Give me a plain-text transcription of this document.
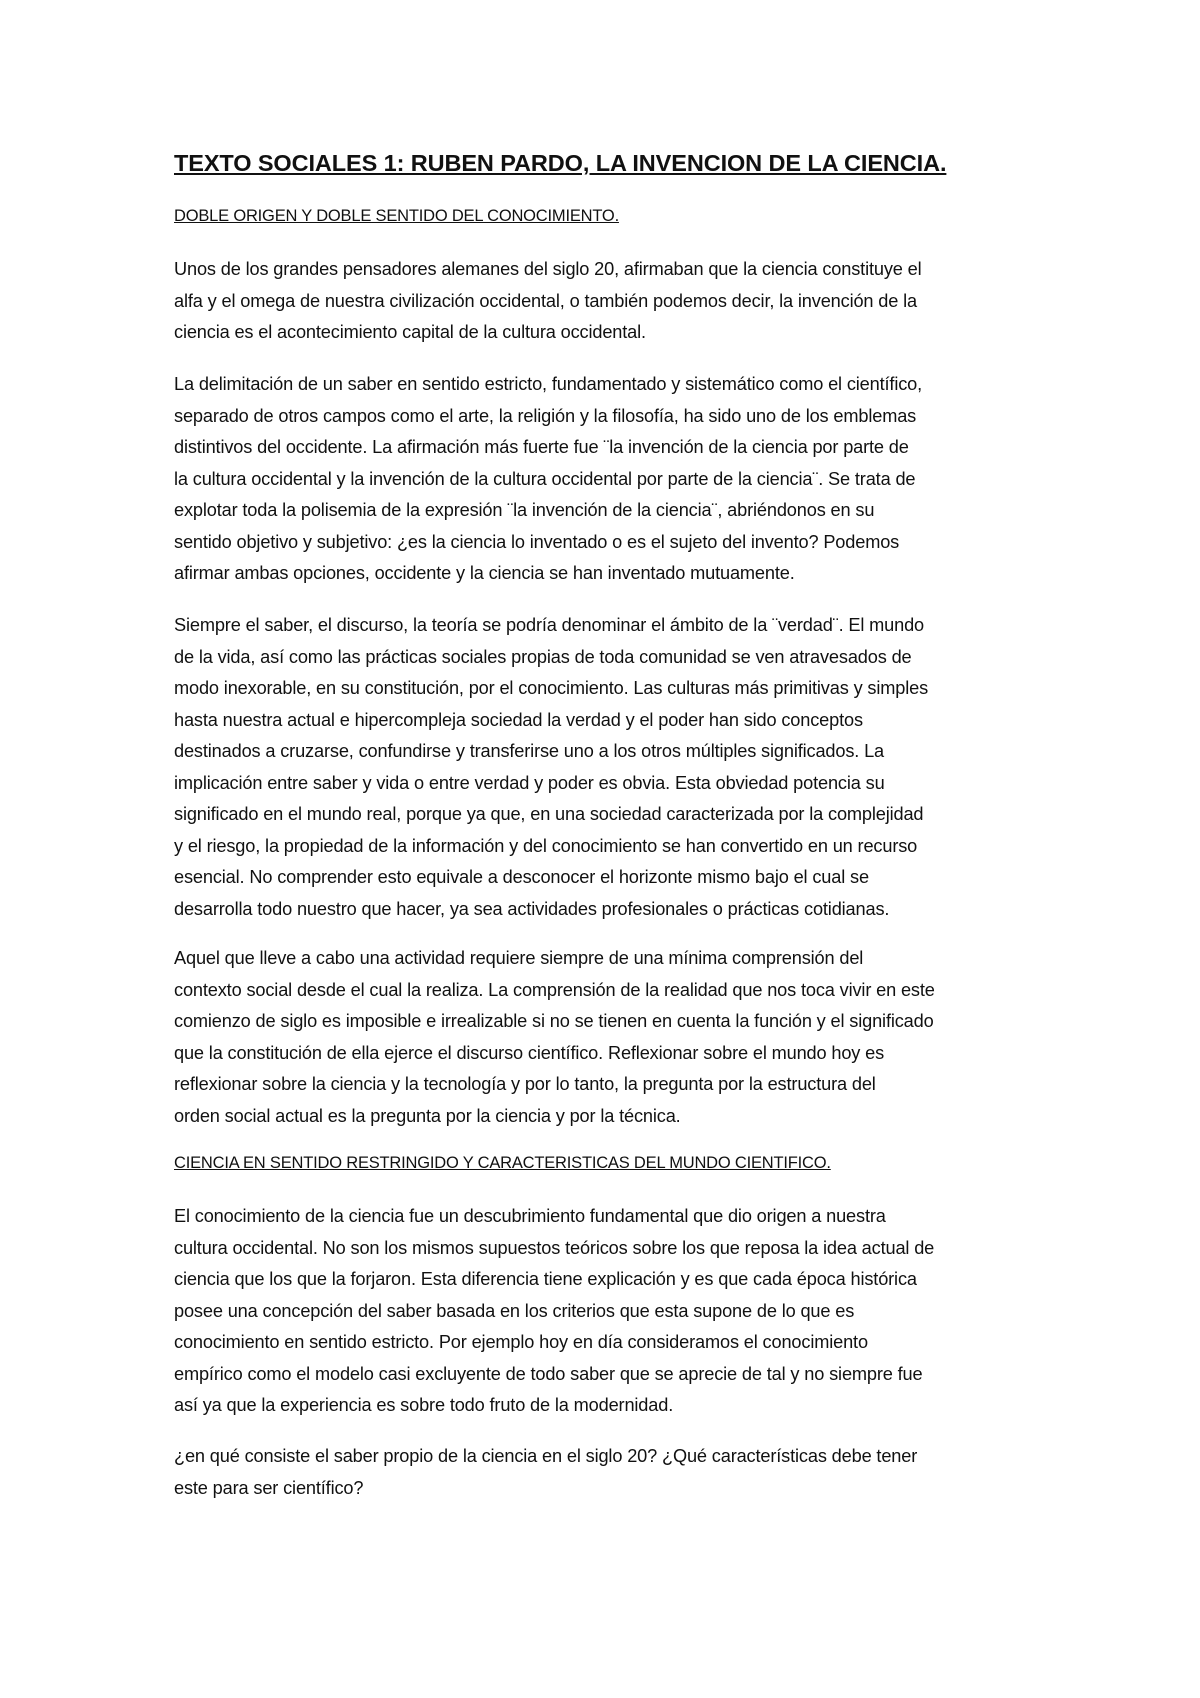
TEXTO SOCIALES 1: RUBEN PARDO, LA INVENCION DE LA CIENCIA.
DOBLE ORIGEN Y DOBLE SENTIDO DEL CONOCIMIENTO.

Unos de los grandes pensadores alemanes del siglo 20, afirmaban que la ciencia constituye el
alfa y el omega de nuestra civilización occidental, o también podemos decir, la invención de la
ciencia es el acontecimiento capital de la cultura occidental.

La delimitación de un saber en sentido estricto, fundamentado y sistemático como el científico,
separado de otros campos como el arte, la religión y la filosofía, ha sido uno de los emblemas
distintivos del occidente. La afirmación más fuerte fue ¨la invención de la ciencia por parte de
la cultura occidental y la invención de la cultura occidental por parte de la ciencia¨. Se trata de
explotar toda la polisemia de la expresión ¨la invención de la ciencia¨, abriéndonos en su
sentido objetivo y subjetivo: ¿es la ciencia lo inventado o es el sujeto del invento? Podemos
afirmar ambas opciones, occidente y la ciencia se han inventado mutuamente.

Siempre el saber, el discurso, la teoría se podría denominar el ámbito de la ¨verdad¨. El mundo
de la vida, así como las prácticas sociales propias de toda comunidad se ven atravesados de
modo inexorable, en su constitución, por el conocimiento. Las culturas más primitivas y simples
hasta nuestra actual e hipercompleja sociedad la verdad y el poder han sido conceptos
destinados a cruzarse, confundirse y transferirse uno a los otros múltiples significados. La
implicación entre saber y vida o entre verdad y poder es obvia. Esta obviedad potencia su
significado en el mundo real, porque ya que, en una sociedad caracterizada por la complejidad
y el riesgo, la propiedad de la información y del conocimiento se han convertido en un recurso
esencial. No comprender esto equivale a desconocer el horizonte mismo bajo el cual se
desarrolla todo nuestro que hacer, ya sea actividades profesionales o prácticas cotidianas.

Aquel que lleve a cabo una actividad requiere siempre de una mínima comprensión del
contexto social desde el cual la realiza. La comprensión de la realidad que nos toca vivir en este
comienzo de siglo es imposible e irrealizable si no se tienen en cuenta la función y el significado
que la constitución de ella ejerce el discurso científico. Reflexionar sobre el mundo hoy es
reflexionar sobre la ciencia y la tecnología y por lo tanto, la pregunta por la estructura del
orden social actual es la pregunta por la ciencia y por la técnica.

CIENCIA EN SENTIDO RESTRINGIDO Y CARACTERISTICAS DEL MUNDO CIENTIFICO.

El conocimiento de la ciencia fue un descubrimiento fundamental que dio origen a nuestra
cultura occidental. No son los mismos supuestos teóricos sobre los que reposa la idea actual de
ciencia que los que la forjaron. Esta diferencia tiene explicación y es que cada época histórica
posee una concepción del saber basada en los criterios que esta supone de lo que es
conocimiento en sentido estricto. Por ejemplo hoy en día consideramos el conocimiento
empírico como el modelo casi excluyente de todo saber que se aprecie de tal y no siempre fue
así ya que la experiencia es sobre todo fruto de la modernidad.

¿en qué consiste el saber propio de la ciencia en el siglo 20? ¿Qué características debe tener
este para ser científico?
